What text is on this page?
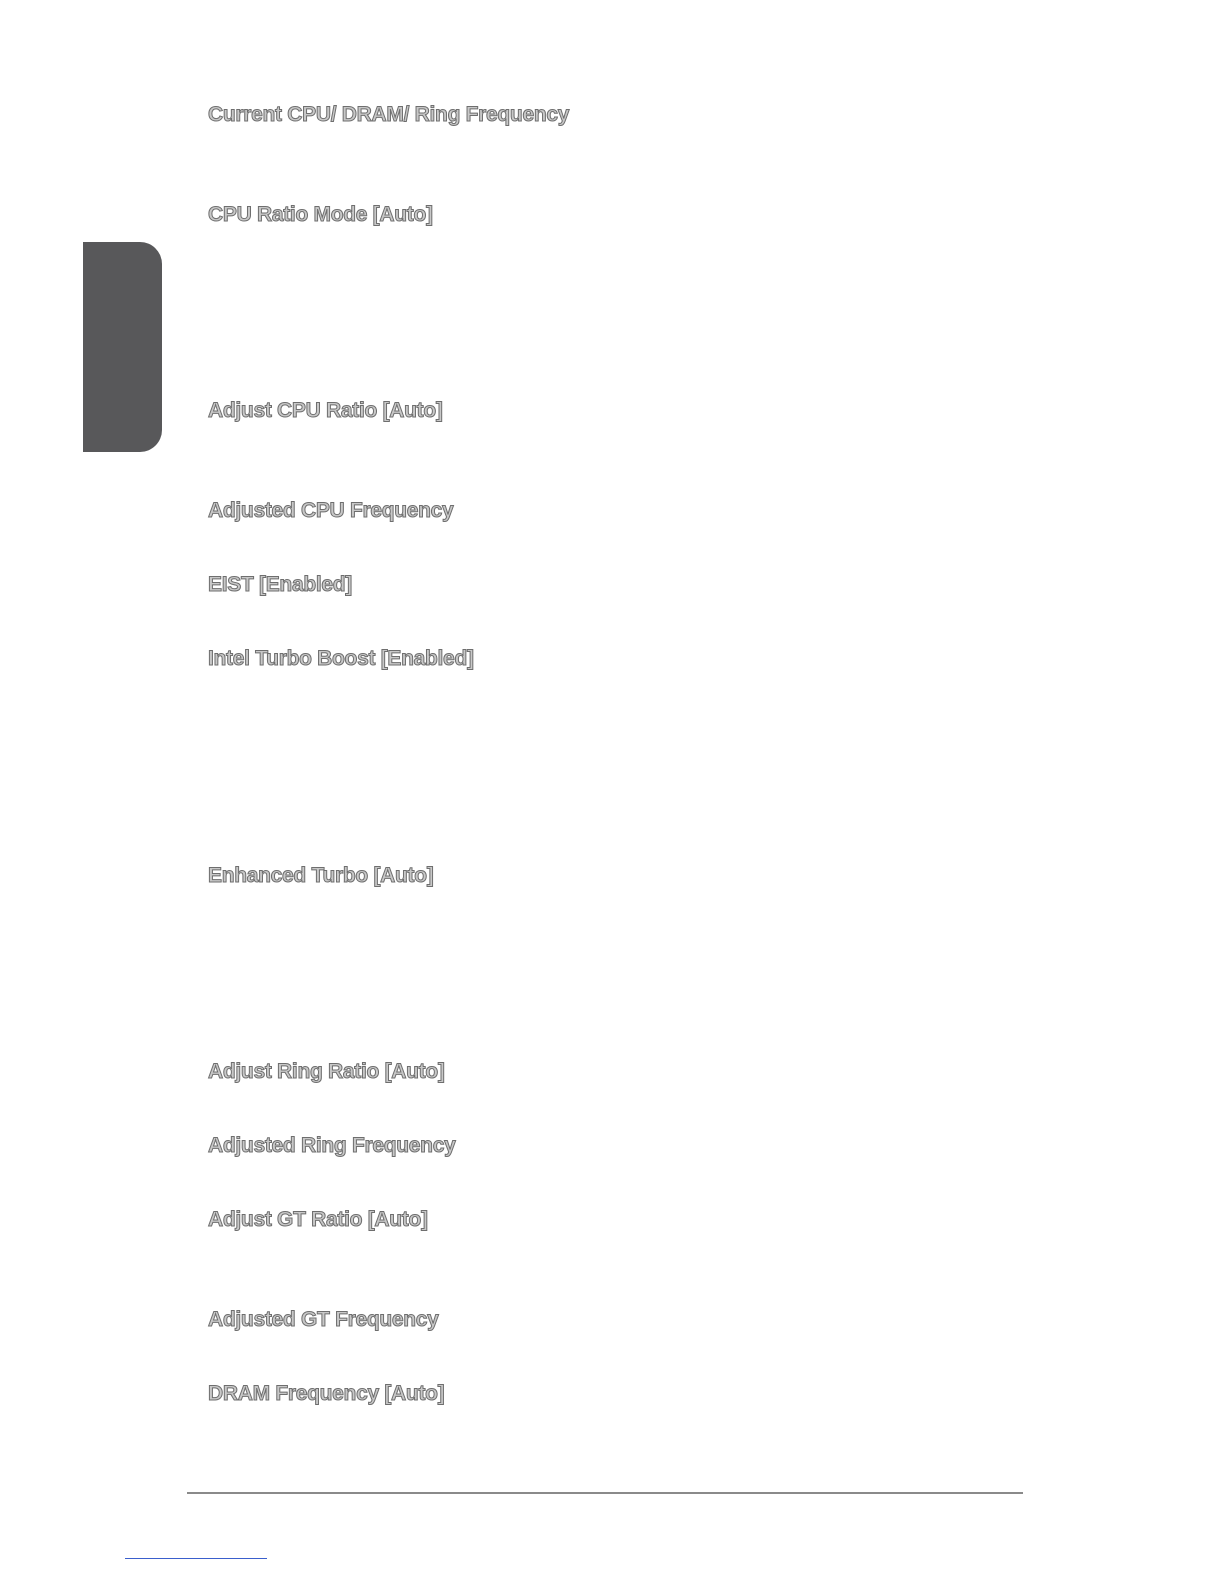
Current CPU/ DRAM/ Ring Frequency
CPU Ratio Mode [Auto]
Adjust CPU Ratio [Auto]
Adjusted CPU Frequency
EIST [Enabled]
Intel Turbo Boost [Enabled]
Enhanced Turbo [Auto]
Adjust Ring Ratio [Auto]
Adjusted Ring Frequency
Adjust GT Ratio [Auto]
Adjusted GT Frequency
DRAM Frequency [Auto]
